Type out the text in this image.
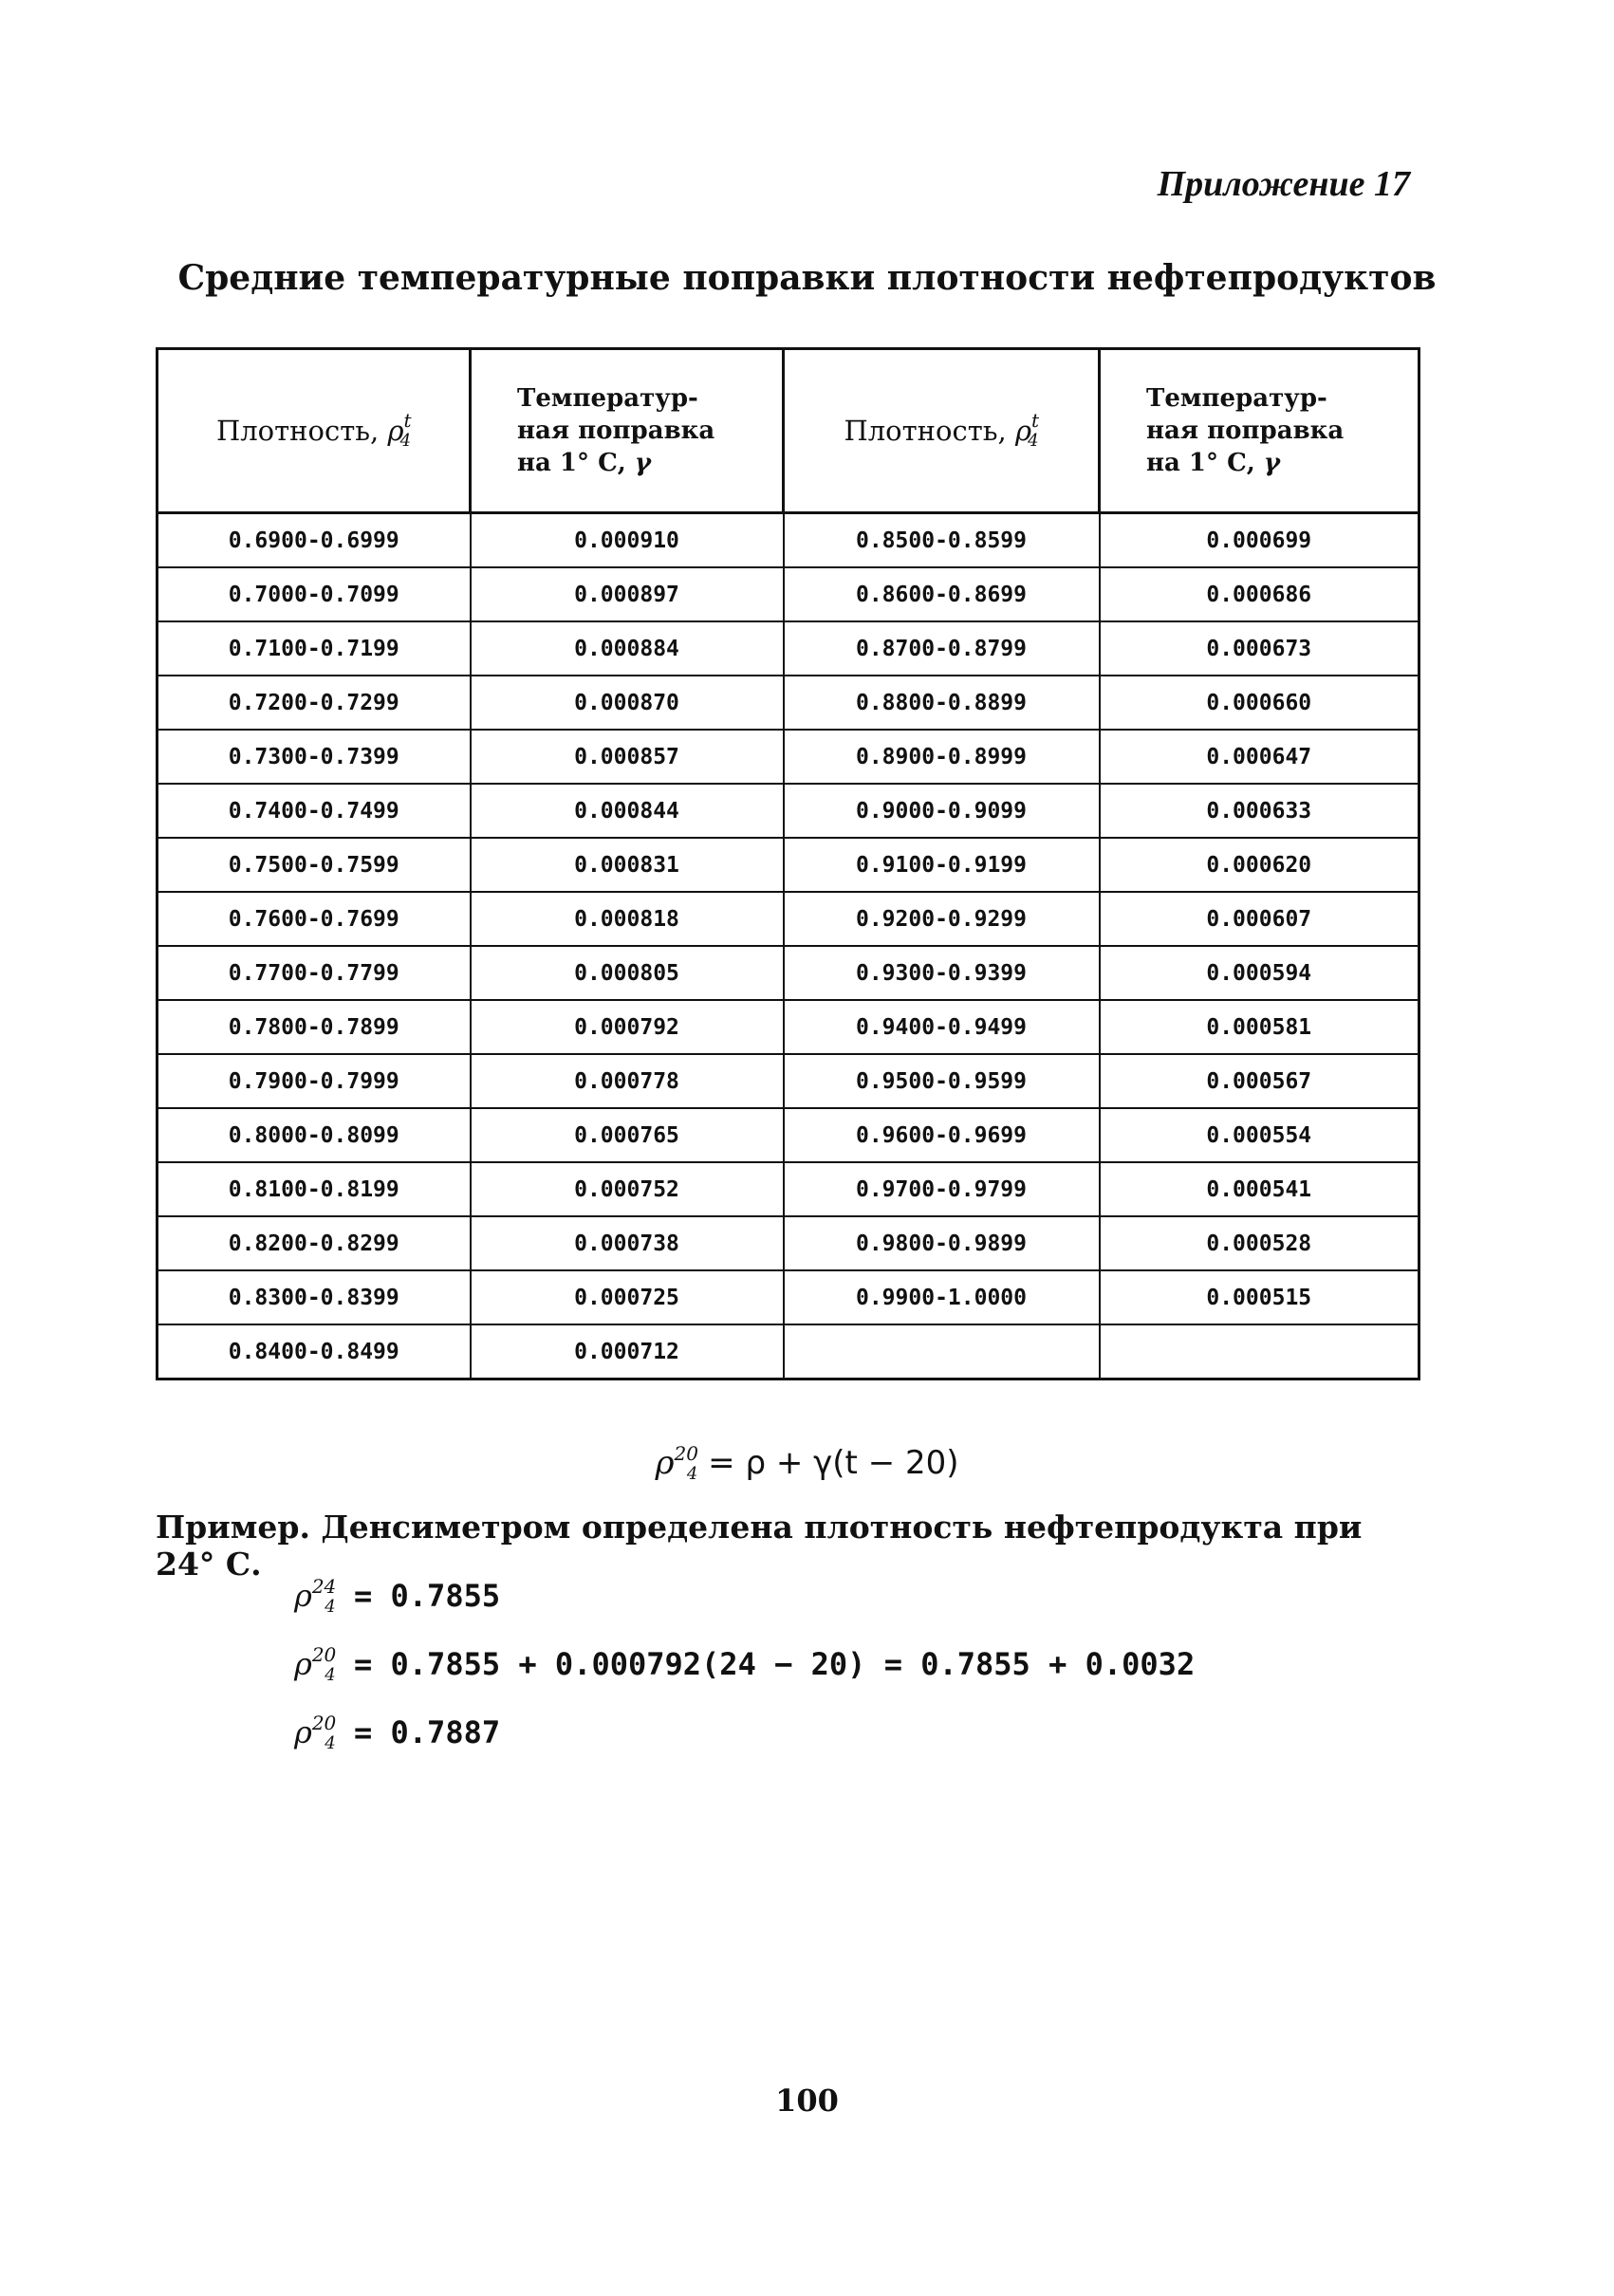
Приложение 17
Средние температурные поправки плотности нефтепродуктов
Плотность, $\rho^t_4$	Температур-
ная поправка
на 1° С, γ	Плотность, $\rho^t_4$	Температур-
ная поправка
на 1° С, γ
0.6900-0.6999	0.000910	0.8500-0.8599	0.000699
0.7000-0.7099	0.000897	0.8600-0.8699	0.000686
0.7100-0.7199	0.000884	0.8700-0.8799	0.000673
0.7200-0.7299	0.000870	0.8800-0.8899	0.000660
0.7300-0.7399	0.000857	0.8900-0.8999	0.000647
0.7400-0.7499	0.000844	0.9000-0.9099	0.000633
0.7500-0.7599	0.000831	0.9100-0.9199	0.000620
0.7600-0.7699	0.000818	0.9200-0.9299	0.000607
0.7700-0.7799	0.000805	0.9300-0.9399	0.000594
0.7800-0.7899	0.000792	0.9400-0.9499	0.000581
0.7900-0.7999	0.000778	0.9500-0.9599	0.000567
0.8000-0.8099	0.000765	0.9600-0.9699	0.000554
0.8100-0.8199	0.000752	0.9700-0.9799	0.000541
0.8200-0.8299	0.000738	0.9800-0.9899	0.000528
0.8300-0.8399	0.000725	0.9900-1.0000	0.000515
0.8400-0.8499	0.000712		
$\rho^{20}_4 = \rho + \gamma(t - 20)$
Пример. Денсиметром определена плотность нефтепродукта при 24° С.
$\rho^{24}_4 = 0.7855$
$\rho^{20}_4 = 0.7855 + 0.000792(24 - 20) = 0.7855 + 0.0032$
$\rho^{20}_4 = 0.7887$
100
